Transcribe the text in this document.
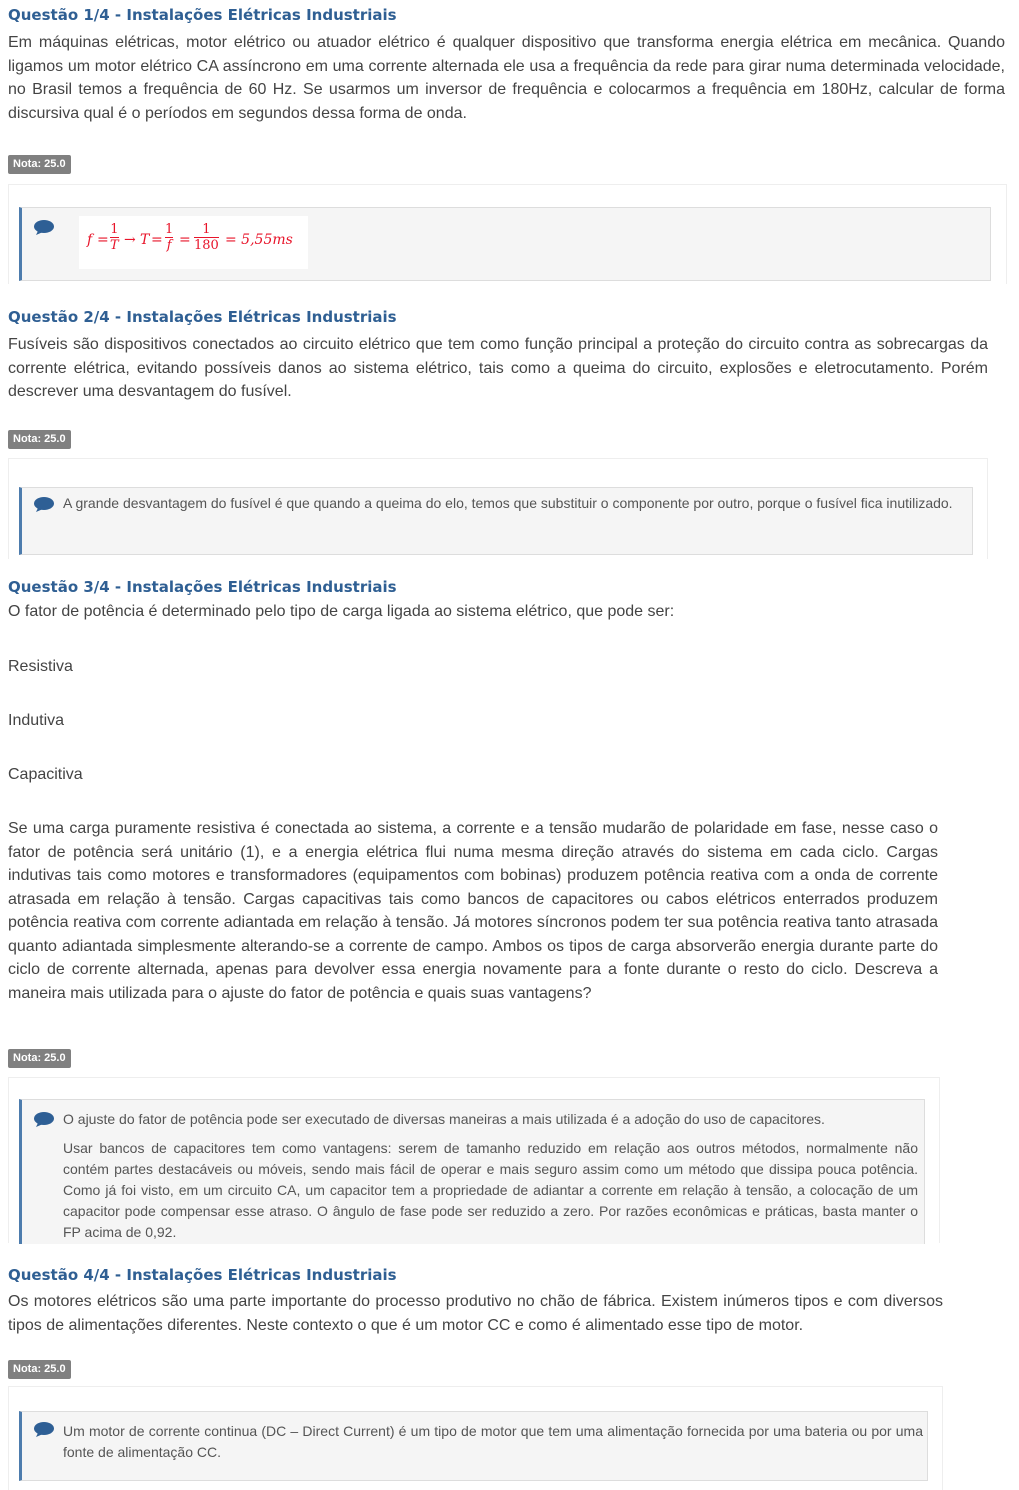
Questão 1/4 - Instalações Elétricas Industriais

Em máquinas elétricas, motor elétrico ou atuador elétrico é qualquer dispositivo que transforma energia elétrica em mecânica. Quando ligamos um motor elétrico CA assíncrono em uma corrente alternada ele usa a frequência da rede para girar numa determinada velocidade, no Brasil temos a frequência de 60 Hz. Se usarmos um inversor de frequência e colocarmos a frequência em 180Hz, calcular de forma discursiva qual é o períodos em segundos dessa forma de onda.

Nota: 25.0
f =
1
T → T =
1
f =
1
180 = 5,55ms
Questão 2/4 - Instalações Elétricas Industriais

Fusíveis são dispositivos conectados ao circuito elétrico que tem como função principal a proteção do circuito contra as sobrecargas da corrente elétrica, evitando possíveis danos ao sistema elétrico, tais como a queima do circuito, explosões e eletrocutamento. Porém descrever uma desvantagem do fusível.

Nota: 25.0

A grande desvantagem do fusível é que quando a queima do elo, temos que substituir o componente por outro, porque o fusível fica inutilizado.

Questão 3/4 - Instalações Elétricas Industriais

O fator de potência é determinado pelo tipo de carga ligada ao sistema elétrico, que pode ser:

Resistiva

Indutiva

Capacitiva

Se uma carga puramente resistiva é conectada ao sistema, a corrente e a tensão mudarão de polaridade em fase, nesse caso o fator de potência será unitário (1), e a energia elétrica flui numa mesma direção através do sistema em cada ciclo. Cargas indutivas tais como motores e transformadores (equipamentos com bobinas) produzem potência reativa com a onda de corrente atrasada em relação à tensão. Cargas capacitivas tais como bancos de capacitores ou cabos elétricos enterrados produzem potência reativa com corrente adiantada em relação à tensão. Já motores síncronos podem ter sua potência reativa tanto atrasada quanto adiantada simplesmente alterando-se a corrente de campo. Ambos os tipos de carga absorverão energia durante parte do ciclo de corrente alternada, apenas para devolver essa energia novamente para a fonte durante o resto do ciclo. Descreva a maneira mais utilizada para o ajuste do fator de potência e quais suas vantagens?

Nota: 25.0

O ajuste do fator de potência pode ser executado de diversas maneiras a mais utilizada é a adoção do uso de capacitores.

Usar bancos de capacitores tem como vantagens: serem de tamanho reduzido em relação aos outros métodos, normalmente não contém partes destacáveis ou móveis, sendo mais fácil de operar e mais seguro assim como um método que dissipa pouca potência. Como já foi visto, em um circuito CA, um capacitor tem a propriedade de adiantar a corrente em relação à tensão, a colocação de um capacitor pode compensar esse atraso. O ângulo de fase pode ser reduzido a zero. Por razões econômicas e práticas, basta manter o FP acima de 0,92.

Questão 4/4 - Instalações Elétricas Industriais

Os motores elétricos são uma parte importante do processo produtivo no chão de fábrica. Existem inúmeros tipos e com diversos tipos de alimentações diferentes. Neste contexto o que é um motor CC e como é alimentado esse tipo de motor.

Nota: 25.0

Um motor de corrente continua (DC – Direct Current) é um tipo de motor que tem uma alimentação fornecida por uma bateria ou por uma fonte de alimentação CC.
